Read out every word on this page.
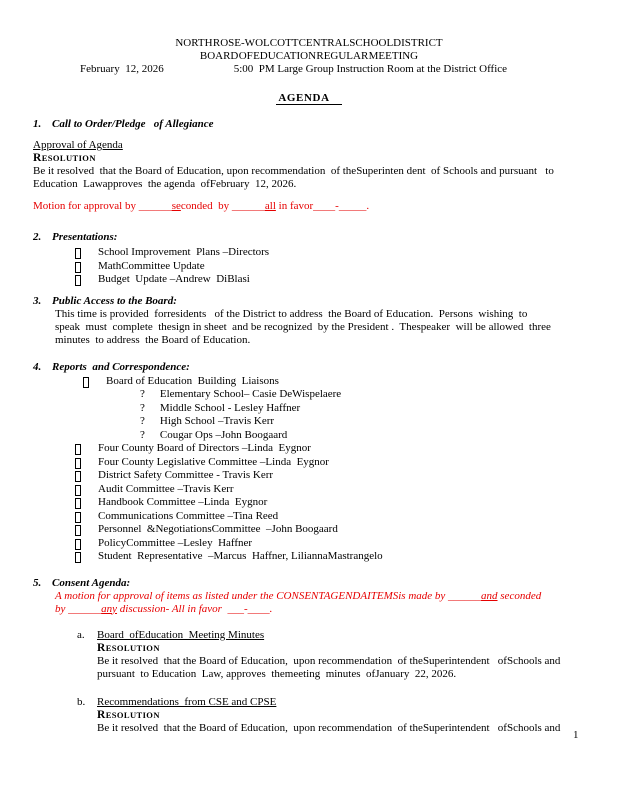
NORTH ROSE-WOLCOTT CENTRAL SCHOOL DISTRICT
BOARD OF EDUCATION REGULAR MEETING
February  12, 2026	5:00  PM Large Group Instruction Room at the District Office
AGENDA
1. Call to Order/Pledge   of Allegiance
Approval of Agenda
RESOLUTION
Be it resolved  that the Board of Education, upon recommendation  of theSuperinten dent  of Schools and pursuant   to
Education  Lawapproves  the agenda  ofFebruary  12, 2026.
Motion for approval by ______seconded  by ______all in favor____-_____.
2. Presentations:
School Improvement  Plans –Directors
MathCommittee Update
Budget  Update –Andrew  DiBlasi
3. Public Access to the Board:
This time is provided  forresidents   of the District to address  the Board of Education.  Persons  wishing  to
speak  must  complete  thesign in sheet  and be recognized  by the President .  Thespeaker  will be allowed  three
minutes  to address  the Board of Education.
4. Reports  and Correspondence:
Board of Education  Building  Liaisons
? Elementary School– Casie DeWispelaere
? Middle School - Lesley Haffner
? High School –Travis Kerr
? Cougar Ops –John Boogaard
Four County Board of Directors –Linda  Eygnor
Four County Legislative Committee –Linda  Eygnor
District Safety Committee - Travis Kerr
Audit Committee –Travis Kerr
Handbook Committee –Linda  Eygnor
Communications Committee –Tina Reed
Personnel  &NegotiationsCommittee  –John Boogaard
PolicyCommittee –Lesley  Haffner
Student  Representative  –Marcus  Haffner, LiliannaMastrangelo
5. Consent Agenda:
A motion for approval of items as listed under the CONSENTAGENDAITEMSis made by ______and seconded
by ______any discussion- All in favor  ___-____.
a.	Board  ofEducation  Meeting Minutes
RESOLUTION
Be it resolved  that the Board of Education,  upon recommendation  of theSuperintendent   ofSchools and
pursuant  to Education  Law, approves  themeeting  minutes  ofJanuary  22, 2026.
b.	Recommendations  from CSE and CPSE
RESOLUTION
Be it resolved  that the Board of Education,  upon recommendation  of theSuperintendent   ofSchools and
1
